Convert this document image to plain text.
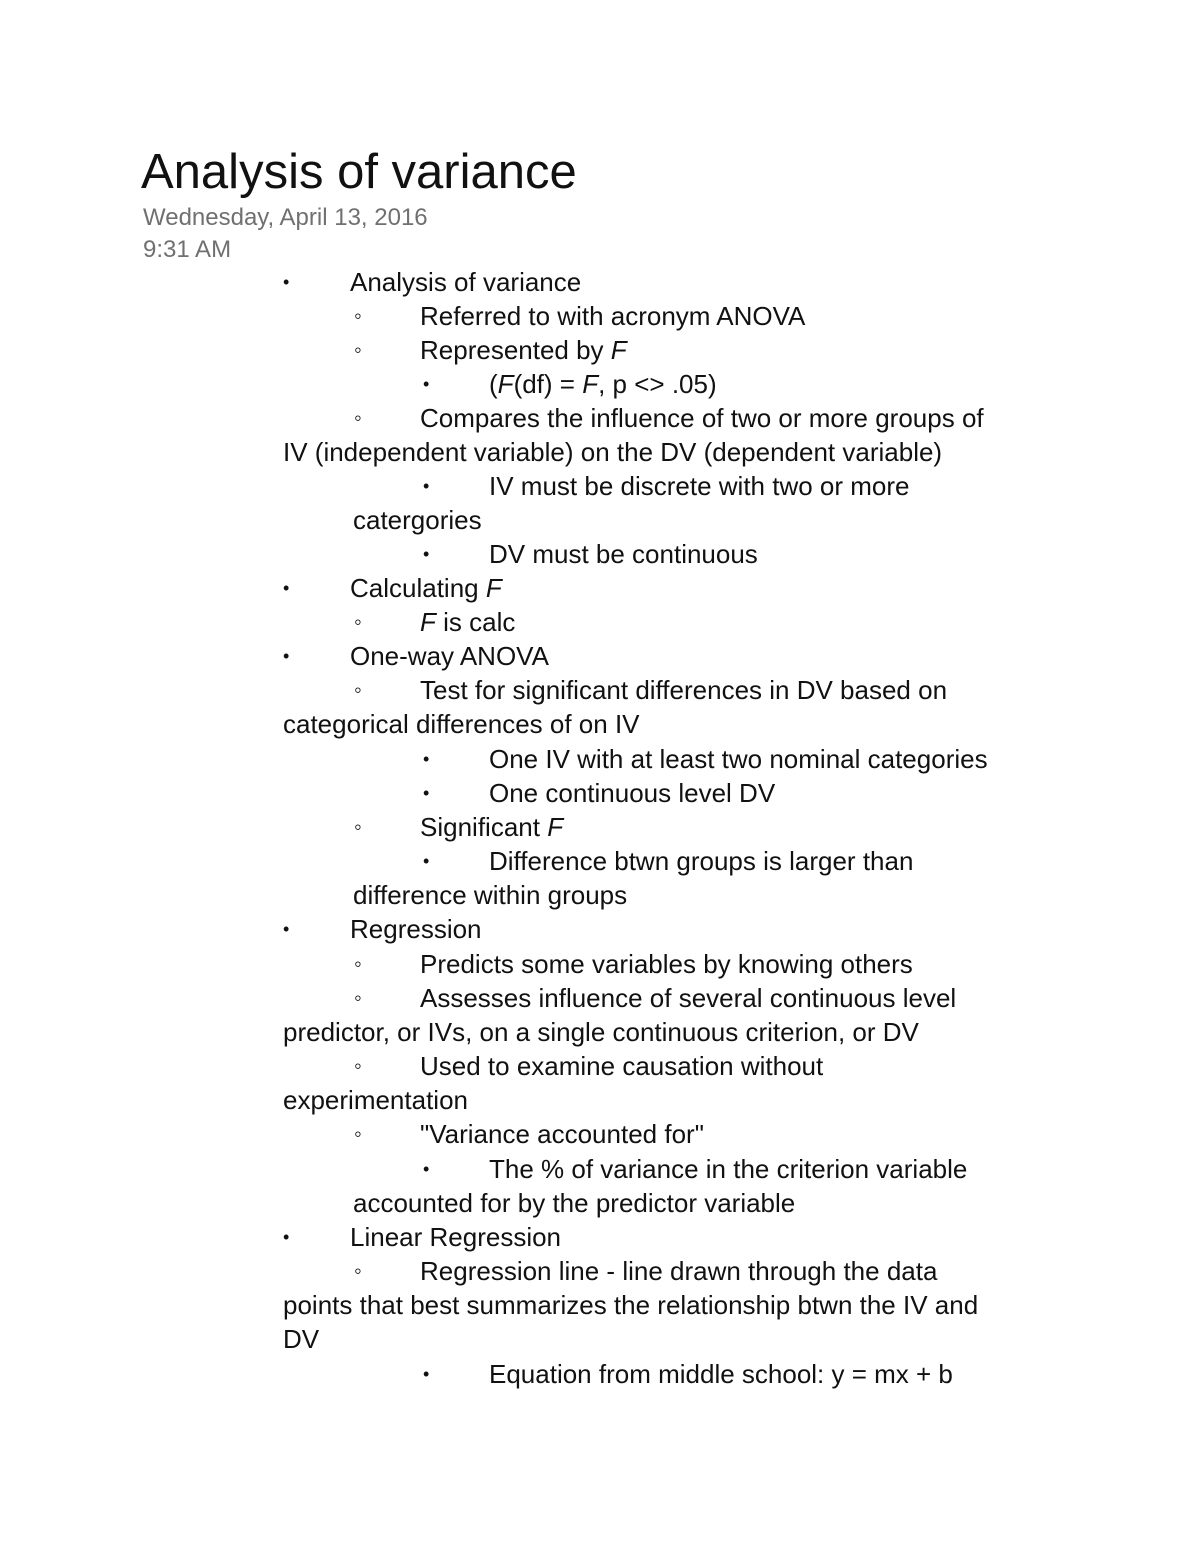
Analysis of variance
Wednesday, April 13, 2016
9:31 AM
• Analysis of variance
◦ Referred to with acronym ANOVA
◦ Represented by F
• (F(df) = F, p <> .05)
◦ Compares the influence of two or more groups of
IV (independent variable) on the DV (dependent variable)
• IV must be discrete with two or more
catergories
• DV must be continuous
• Calculating F
◦ F is calc
• One-way ANOVA
◦ Test for significant differences in DV based on
categorical differences of on IV
• One IV with at least two nominal categories
• One continuous level DV
◦ Significant F
• Difference btwn groups is larger than
difference within groups
• Regression
◦ Predicts some variables by knowing others
◦ Assesses influence of several continuous level
predictor, or IVs, on a single continuous criterion, or DV
◦ Used to examine causation without
experimentation
◦ "Variance accounted for"
• The % of variance in the criterion variable
accounted for by the predictor variable
• Linear Regression
◦ Regression line - line drawn through the data
points that best summarizes the relationship btwn the IV and
DV
• Equation from middle school: y = mx + b
